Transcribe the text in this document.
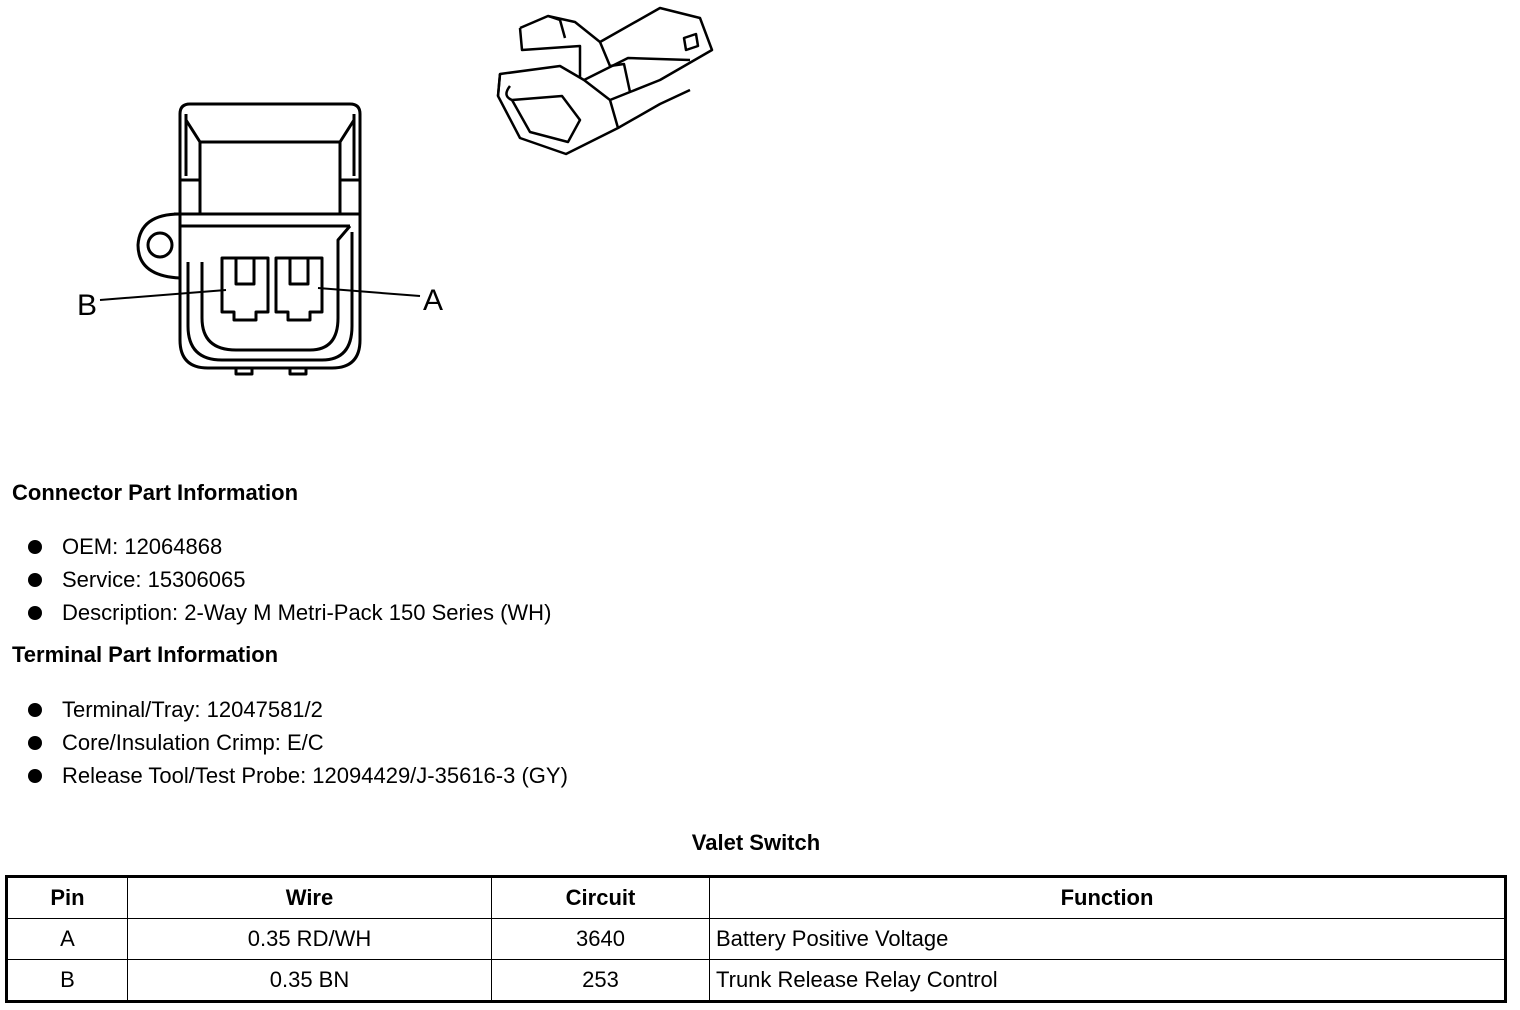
B	A
Connector Part Information
OEM: 12064868
Service: 15306065
Description: 2-Way M Metri-Pack 150 Series (WH)
Terminal Part Information
Terminal/Tray: 12047581/2
Core/Insulation Crimp: E/C
Release Tool/Test Probe: 12094429/J-35616-3 (GY)
Valet Switch
Pin	Wire	Circuit	Function
A	0.35 RD/WH	3640	Battery Positive Voltage
B	0.35 BN	253	Trunk Release Relay Control
